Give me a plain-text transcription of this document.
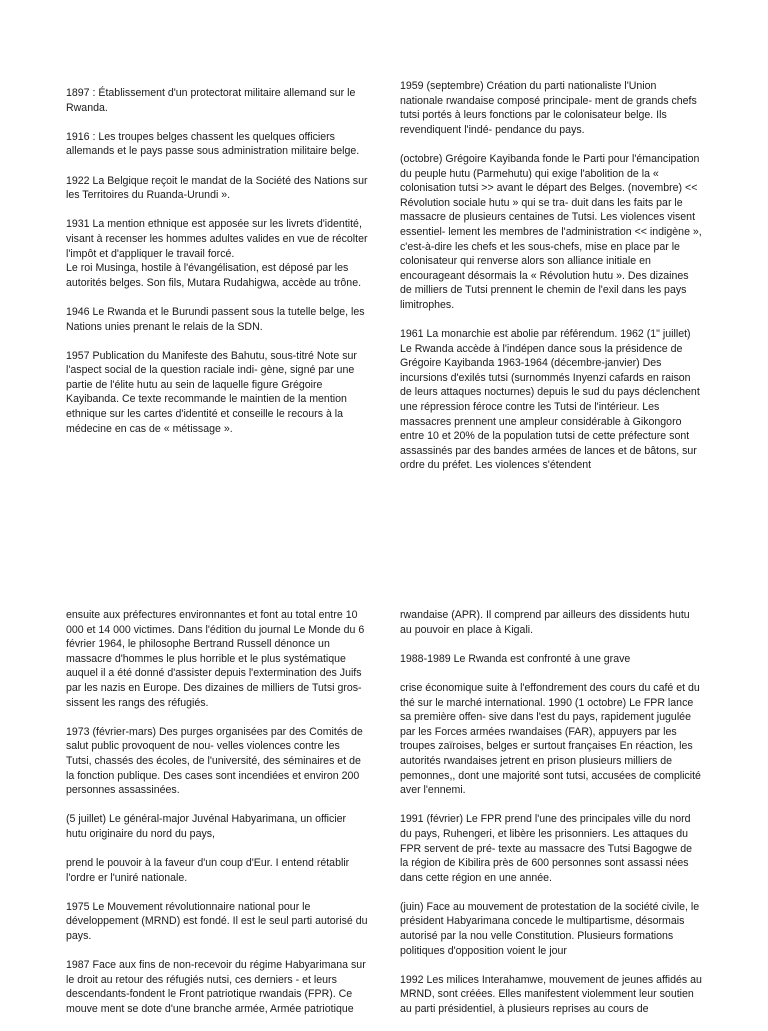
1897 : Établissement d'un protectorat militaire allemand sur le Rwanda.

1916 : Les troupes belges chassent les quelques officiers allemands et le pays passe sous administration militaire belge.

1922 La Belgique reçoit le mandat de la Société des Nations sur les Territoires du Ruanda-Urundi ».

1931 La mention ethnique est apposée sur les livrets d'identité, visant à recenser les hommes adultes valides en vue de récolter l'impôt et d'appliquer le travail forcé.
Le roi Musinga, hostile à l'évangélisation, est déposé par les autorités belges. Son fils, Mutara Rudahigwa, accède au trône.

1946 Le Rwanda et le Burundi passent sous la tutelle belge, les Nations unies prenant le relais de la SDN.

1957 Publication du Manifeste des Bahutu, sous-titré Note sur l'aspect social de la question raciale indi- gène, signé par une partie de l'élite hutu au sein de laquelle figure Grégoire Kayibanda. Ce texte recommande le maintien de la mention ethnique sur les cartes d'identité et conseille le recours à la médecine en cas de « métissage ».

1959 (septembre) Création du parti nationaliste l'Union nationale rwandaise composé principale- ment de grands chefs tutsi portés à leurs fonctions par le colonisateur belge. Ils revendiquent l'indé- pendance du pays.

(octobre) Grégoire Kayibanda fonde le Parti pour l'émancipation du peuple hutu (Parmehutu) qui exige l'abolition de la « colonisation tutsi >> avant le départ des Belges. (novembre) << Révolution sociale hutu » qui se tra- duit dans les faits par le massacre de plusieurs centaines de Tutsi. Les violences visent essentiel- lement les membres de l'administration << indigène », c'est-à-dire les chefs et les sous-chefs, mise en place par le colonisateur qui renverse alors son alliance initiale en encourageant désormais la « Révolution hutu ». Des dizaines de milliers de Tutsi prennent le chemin de l'exil dans les pays limitrophes.

1961 La monarchie est abolie par référendum. 1962 (1" juillet) Le Rwanda accède à l'indépen dance sous la présidence de Grégoire Kayibanda 1963-1964 (décembre-janvier) Des incursions d'exilés tutsi (surnommés Inyenzi cafards en raison de leurs attaques nocturnes) depuis le sud du pays déclenchent une répression féroce contre les Tutsi de l'intérieur. Les massacres prennent une ampleur considérable à Gikongoro entre 10 et 20% de la population tutsi de cette préfecture sont assassinés par des bandes armées de lances et de bâtons, sur ordre du préfet. Les violences s'étendent

ensuite aux préfectures environnantes et font au total entre 10 000 et 14 000 victimes. Dans l'édition du journal Le Monde du 6 février 1964, le philosophe Bertrand Russell dénonce un massacre d'hommes le plus horrible et le plus systématique auquel il a été donné d'assister depuis l'extermination des Juifs par les nazis en Europe. Des dizaines de milliers de Tutsi gros- sissent les rangs des réfugiés.

1973 (février-mars) Des purges organisées par des Comités de salut public provoquent de nou- velles violences contre les Tutsi, chassés des écoles, de l'université, des séminaires et de la fonction publique. Des cases sont incendiées et environ 200 personnes assassinées.

(5 juillet) Le général-major Juvénal Habyarimana, un officier hutu originaire du nord du pays,

prend le pouvoir à la faveur d'un coup d'Eur. I entend rétablir l'ordre er l'uniré nationale.

1975 Le Mouvement révolutionnaire national pour le développement (MRND) est fondé. Il est le seul parti autorisé du pays.

1987 Face aux fins de non-recevoir du régime Habyarimana sur le droit au retour des réfugiés nutsi, ces derniers - et leurs descendants-fondent le Front patriotique rwandais (FPR). Ce mouve ment se dote d'une branche armée, Armée patriotique

rwandaise (APR). Il comprend par ailleurs des dissidents hutu au pouvoir en place à Kigali.

1988-1989 Le Rwanda est confronté à une grave

crise économique suite à l'effondrement des cours du café et du thé sur le marché international. 1990 (1 octobre) Le FPR lance sa première offen- sive dans l'est du pays, rapidement jugulée par les Forces armées rwandaises (FAR), appuyers par les troupes zaïroises, belges er surtout françaises En réaction, les autorités rwandaises jetrent en prison plusieurs milliers de pemonnes,, dont une majorité sont tutsi, accusées de complicité aver l'ennemi.

1991 (février) Le FPR prend l'une des principales ville du nord du pays, Ruhengeri, et libère les prisonniers. Les attaques du FPR servent de pré- texte au massacre des Tutsi Bagogwe de la région de Kibilira près de 600 personnes sont assassi nées dans cette région en une année.

(juin) Face au mouvement de protestation de la société civile, le président Habyarimana concede le multipartisme, désormais autorisé par la nou velle Constitution. Plusieurs formations politiques d'opposition voient le jour

1992 Les milices Interahamwe, mouvement de jeunes affidés au MRND, sont créées. Elles manifestent violemment leur soutien au parti présidentiel, à plusieurs reprises au cours de
